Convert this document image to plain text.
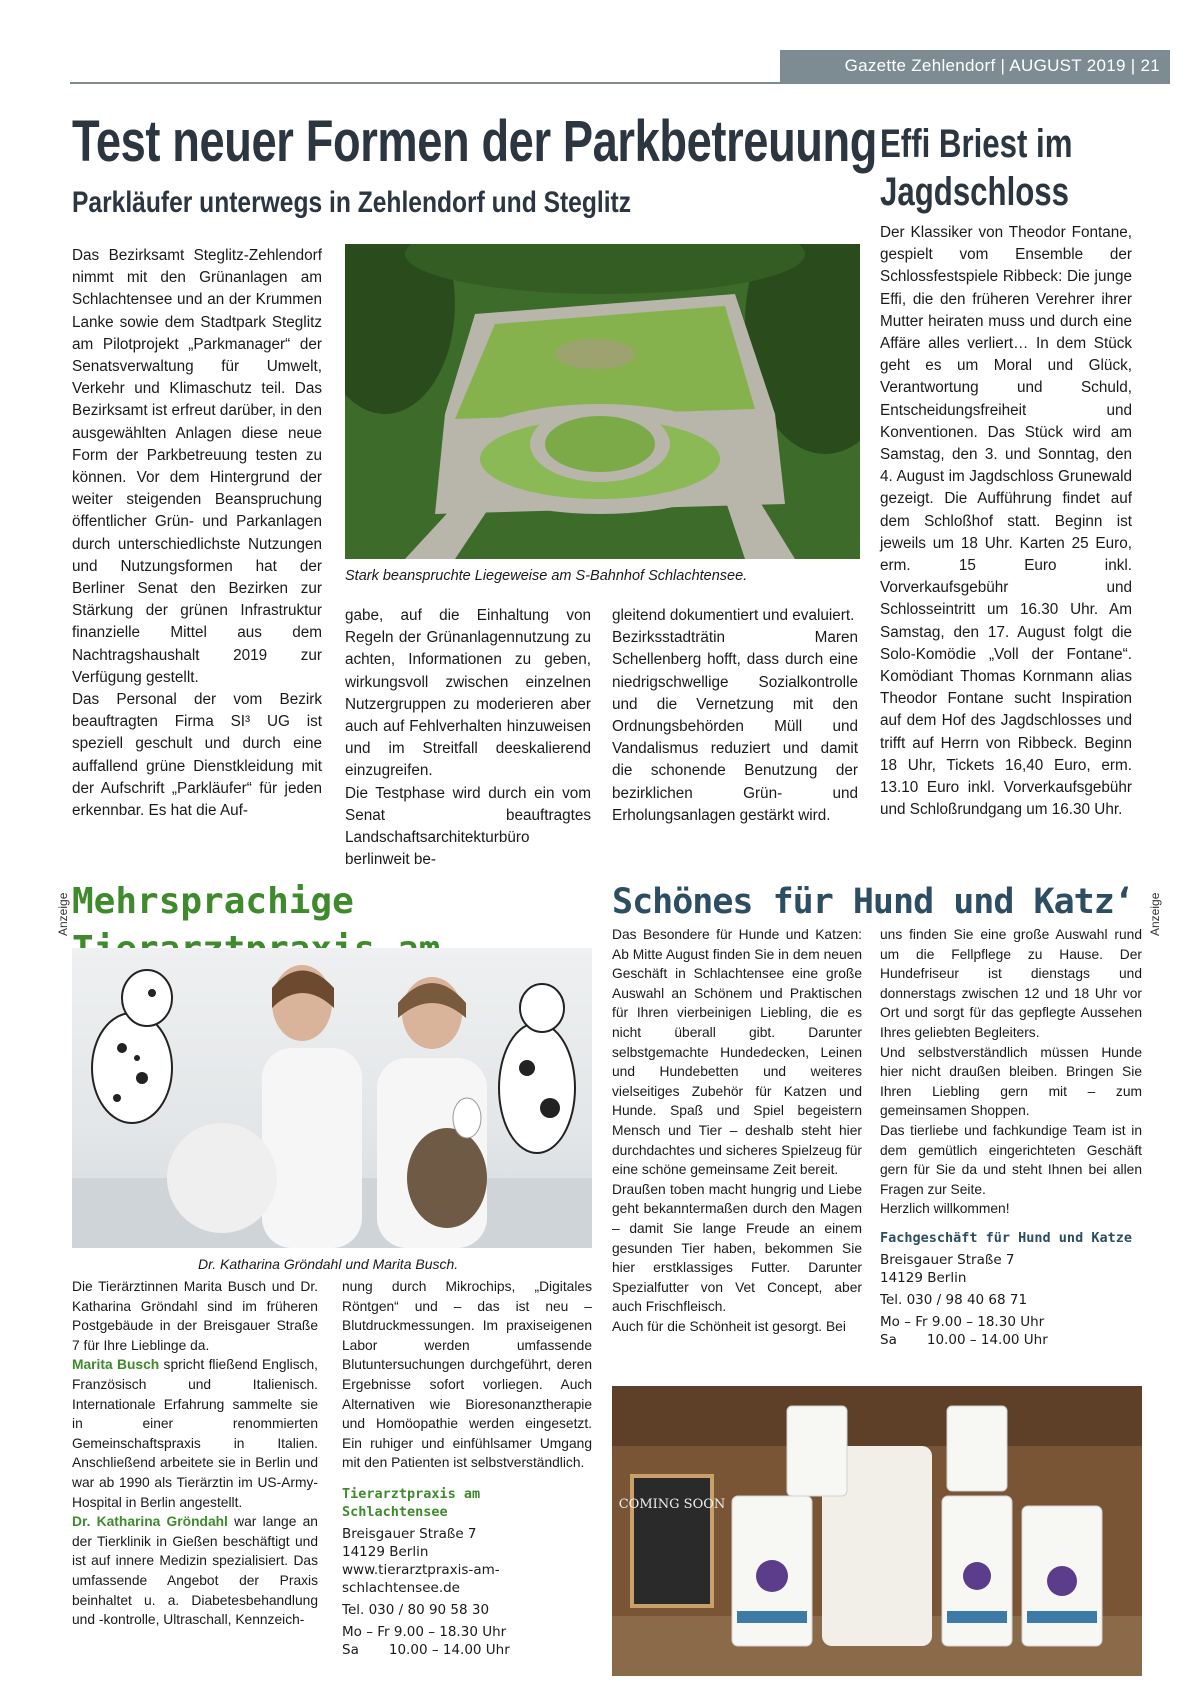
Gazette Zehlendorf | AUGUST 2019 | 21
Test neuer Formen der Parkbetreuung
Parkläufer unterwegs in Zehlendorf und Steglitz

Das Bezirksamt Steglitz-Zehlendorf nimmt mit den Grünanlagen am Schlachtensee und an der Krummen Lanke sowie dem Stadtpark Steglitz am Pilotprojekt „Parkmanager“ der Senatsverwaltung für Umwelt, Verkehr und Klimaschutz teil. Das Bezirksamt ist erfreut darüber, in den ausgewählten Anlagen diese neue Form der Parkbetreuung testen zu können. Vor dem Hintergrund der weiter steigenden Beanspruchung öffentlicher Grün- und Parkanlagen durch unterschiedlichste Nutzungen und Nutzungsformen hat der Berliner Senat den Bezirken zur Stärkung der grünen Infrastruktur finanzielle Mittel aus dem Nachtragshaushalt 2019 zur Verfügung gestellt.

Das Personal der vom Bezirk beauftragten Firma SI³ UG ist speziell geschult und durch eine auffallend grüne Dienstkleidung mit der Aufschrift „Parkläufer“ für jeden erkennbar. Es hat die Auf-

Stark beanspruchte Liegeweise am S-Bahnhof Schlachtensee.

gabe, auf die Einhaltung von Regeln der Grünanlagennutzung zu achten, Informationen zu geben, wirkungsvoll zwischen einzelnen Nutzergruppen zu moderieren aber auch auf Fehlverhalten hinzuweisen und im Streitfall deeskalierend einzugreifen.

Die Testphase wird durch ein vom Senat beauftragtes Landschaftsarchitekturbüro berlinweit be-

gleitend dokumentiert und evaluiert.

Bezirksstadträtin Maren Schellenberg hofft, dass durch eine niedrigschwellige Sozialkontrolle und die Vernetzung mit den Ordnungsbehörden Müll und Vandalismus reduziert und damit die schonende Benutzung der bezirklichen Grün- und Erholungsanlagen gestärkt wird.

Effi Briest im Jagdschloss

Der Klassiker von Theodor Fontane, gespielt vom Ensemble der Schlossfestspiele Ribbeck: Die junge Effi, die den früheren Verehrer ihrer Mutter heiraten muss und durch eine Affäre alles verliert… In dem Stück geht es um Moral und Glück, Verantwortung und Schuld, Entscheidungsfreiheit und Konventionen. Das Stück wird am Samstag, den 3. und Sonntag, den 4. August im Jagdschloss Grunewald gezeigt. Die Aufführung findet auf dem Schloßhof statt. Beginn ist jeweils um 18 Uhr. Karten 25 Euro, erm. 15 Euro inkl. Vorverkaufsgebühr und Schlosseintritt um 16.30 Uhr. Am Samstag, den 17. August folgt die Solo-Komödie „Voll der Fontane“. Komödiant Thomas Kornmann alias Theodor Fontane sucht Inspiration auf dem Hof des Jagdschlosses und trifft auf Herrn von Ribbeck. Beginn 18 Uhr, Tickets 16,40 Euro, erm. 13.10 Euro inkl. Vorverkaufsgebühr und Schloßrundgang um 16.30 Uhr.

Anzeige	Anzeige
Mehrsprachige
Dr. Katharina Gröndahl und Marita Busch.

Die Tierärztinnen Marita Busch und Dr. Katharina Gröndahl sind im früheren Postgebäude in der Breisgauer Straße 7 für Ihre Lieblinge da.

Marita Busch spricht fließend Englisch, Französisch und Italienisch. Internationale Erfahrung sammelte sie in einer renommierten Gemeinschaftspraxis in Italien. Anschließend arbeitete sie in Berlin und war ab 1990 als Tierärztin im US-Army-Hospital in Berlin angestellt.

Dr. Katharina Gröndahl war lange an der Tierklinik in Gießen beschäftigt und ist auf innere Medizin spezialisiert. Das umfassende Angebot der Praxis beinhaltet u. a. Diabetesbehandlung und -kontrolle, Ultraschall, Kennzeich-

nung durch Mikrochips, „Digitales Röntgen“ und – das ist neu – Blutdruckmessungen. Im praxiseigenen Labor werden umfassende Blutuntersuchungen durchgeführt, deren Ergebnisse sofort vorliegen. Auch Alternativen wie Bioresonanztherapie und Homöopathie werden eingesetzt. Ein ruhiger und einfühlsamer Umgang mit den Patienten ist selbstverständlich.

Tierarztpraxis am Schlachtensee
Breisgauer Straße 7
14129 Berlin
www.tierarztpraxis-am-schlachtensee.de
Tel. 030 / 80 90 58 30
Mo – Fr 9.00 – 18.30 Uhr
Sa       10.00 – 14.00 Uhr
Schönes für Hund und Katz‘

Das Besondere für Hunde und Katzen: Ab Mitte August finden Sie in dem neuen Geschäft in Schlachtensee eine große Auswahl an Schönem und Praktischen für Ihren vierbeinigen Liebling, die es nicht überall gibt. Darunter selbstgemachte Hundedecken, Leinen und Hundebetten und weiteres vielseitiges Zubehör für Katzen und Hunde. Spaß und Spiel begeistern Mensch und Tier – deshalb steht hier durchdachtes und sicheres Spielzeug für eine schöne gemeinsame Zeit bereit.

Draußen toben macht hungrig und Liebe geht bekanntermaßen durch den Magen – damit Sie lange Freude an einem gesunden Tier haben, bekommen Sie hier erstklassiges Futter. Darunter Spezialfutter von Vet Concept, aber auch Frischfleisch.

Auch für die Schönheit ist gesorgt. Bei

uns finden Sie eine große Auswahl rund um die Fellpflege zu Hause. Der Hundefriseur ist dienstags und donnerstags zwischen 12 und 18 Uhr vor Ort und sorgt für das gepflegte Aussehen Ihres geliebten Begleiters.

Und selbstverständlich müssen Hunde hier nicht draußen bleiben. Bringen Sie Ihren Liebling gern mit – zum gemeinsamen Shoppen.

Das tierliebe und fachkundige Team ist in dem gemütlich eingerichteten Geschäft gern für Sie da und steht Ihnen bei allen Fragen zur Seite.

Herzlich willkommen!

Fachgeschäft für Hund und Katze
Breisgauer Straße 7
14129 Berlin
Tel. 030 / 98 40 68 71
Mo – Fr 9.00 – 18.30 Uhr
Sa       10.00 – 14.00 Uhr
COMING SOON
